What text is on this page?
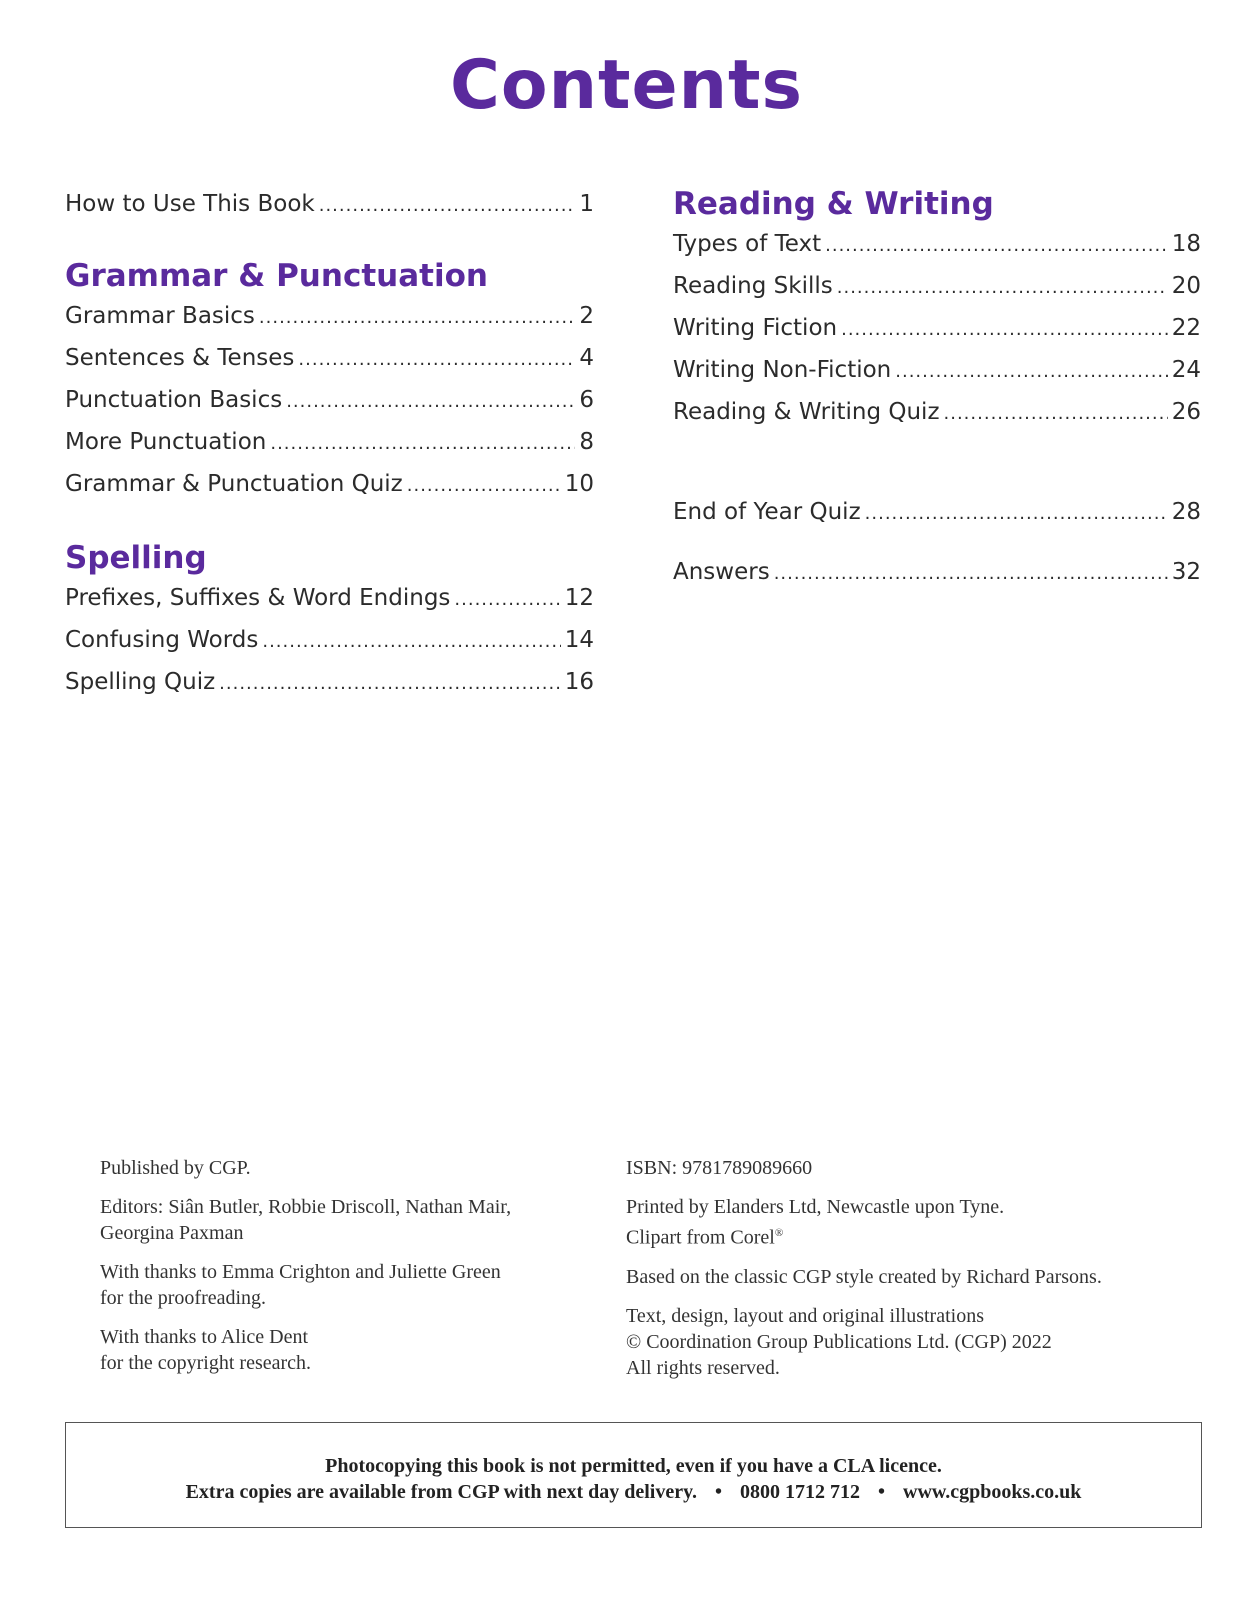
Contents
How to Use This Book .....	1
Grammar & Punctuation
Grammar Basics .....	2
Sentences & Tenses .....	4
Punctuation Basics .....	6
More Punctuation .....	8
Grammar & Punctuation Quiz .....	10
Spelling
Prefixes, Suffixes & Word Endings .....	12
Confusing Words .....	14
Spelling Quiz .....	16
Reading & Writing
Types of Text .....	18
Reading Skills .....	20
Writing Fiction .....	22
Writing Non-Fiction .....	24
Reading & Writing Quiz .....	26
End of Year Quiz .....	28
Answers .....	32

Published by CGP.

Editors: Siân Butler, Robbie Driscoll, Nathan Mair,
Georgina Paxman

With thanks to Emma Crighton and Juliette Green
for the proofreading.

With thanks to Alice Dent
for the copyright research.

ISBN: 9781789089660

Printed by Elanders Ltd, Newcastle upon Tyne.
Clipart from Corel®

Based on the classic CGP style created by Richard Parsons.

Text, design, layout and original illustrations
© Coordination Group Publications Ltd. (CGP) 2022
All rights reserved.

Photocopying this book is not permitted, even if you have a CLA licence.
Extra copies are available from CGP with next day delivery. • 0800 1712 712 • www.cgpbooks.co.uk
